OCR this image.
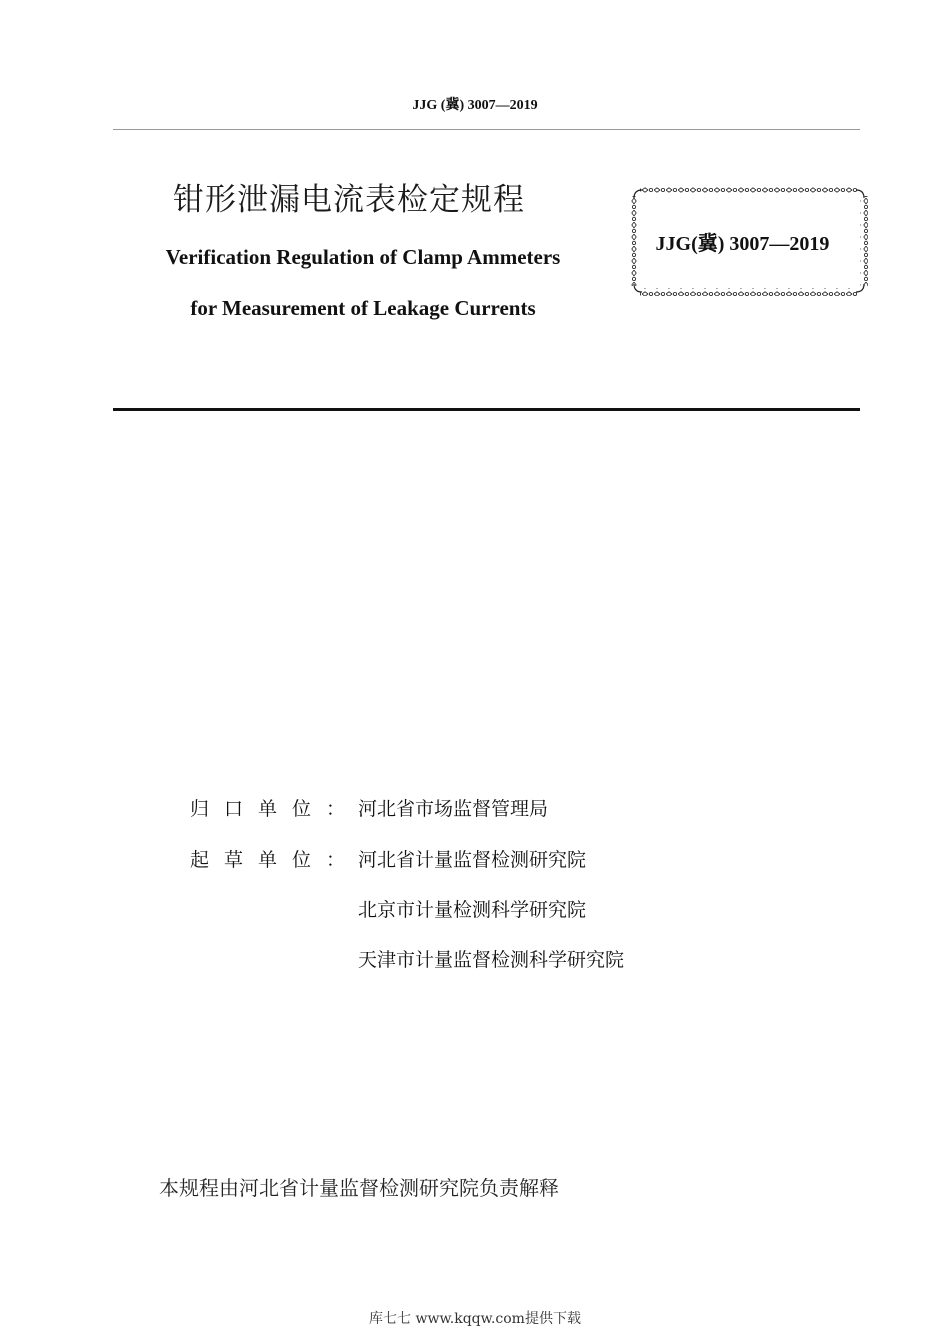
JJG (冀) 3007—2019
钳形泄漏电流表检定规程
Verification Regulation of Clamp Ammeters
for Measurement of Leakage Currents
JJG(冀) 3007—2019
归口单位：
河北省市场监督管理局
起草单位：
河北省计量监督检测研究院
北京市计量检测科学研究院
天津市计量监督检测科学研究院
本规程由河北省计量监督检测研究院负责解释
库七七 www.kqqw.com提供下载
